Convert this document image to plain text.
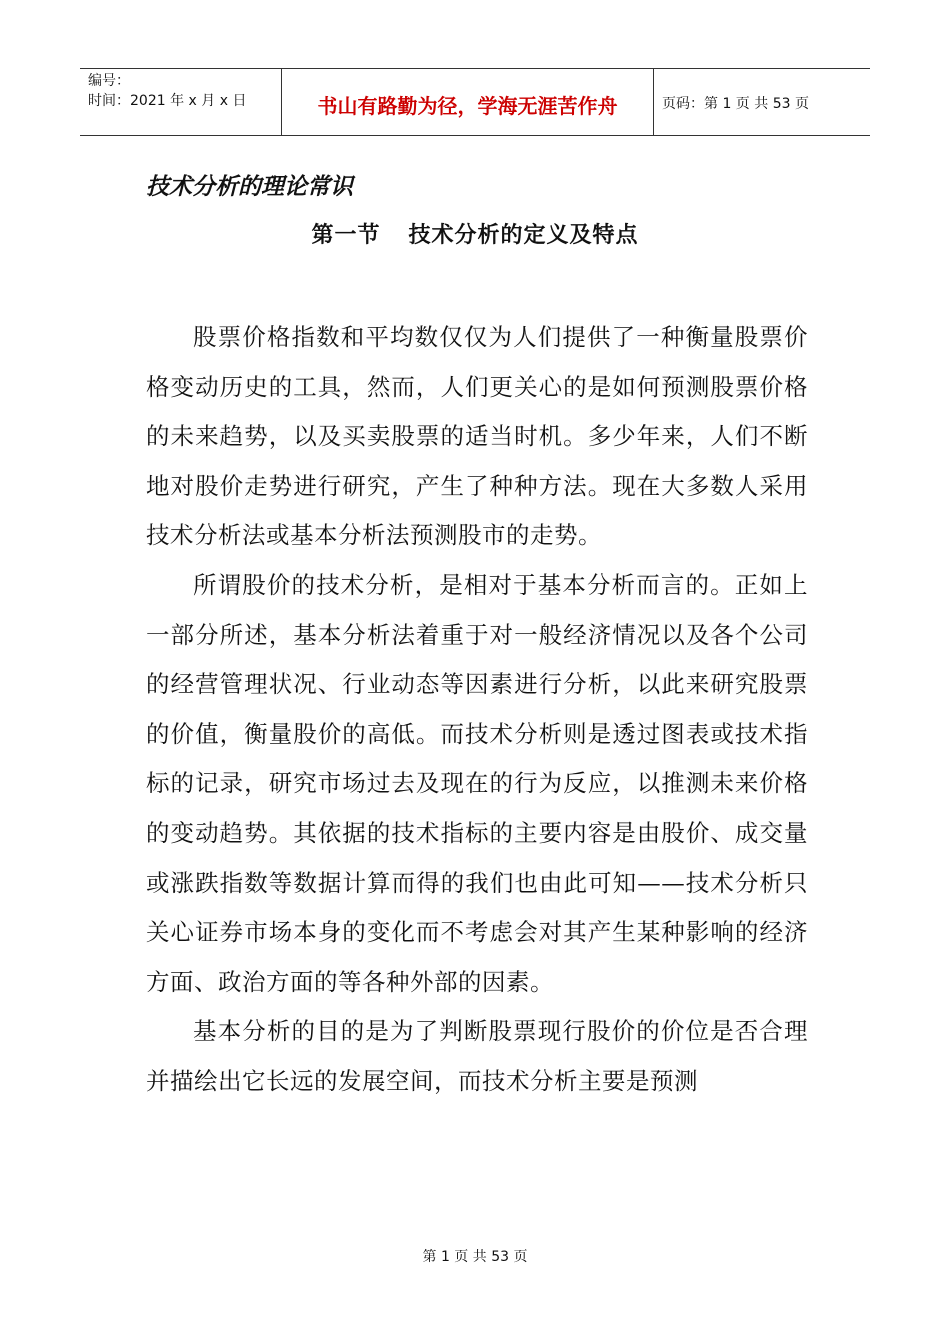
编号：
时间：2021 年 x 月 x 日	书山有路勤为径，学海无涯苦作舟	页码：第 1 页 共 53 页
技术分析的理论常识
第一节 技术分析的定义及特点

股票价格指数和平均数仅仅为人们提供了一种衡量股票价格变动历史的工具，然而，人们更关心的是如何预测股票价格的未来趋势，以及买卖股票的适当时机。多少年来，人们不断地对股价走势进行研究，产生了种种方法。现在大多数人采用技术分析法或基本分析法预测股市的走势。

所谓股价的技术分析，是相对于基本分析而言的。正如上一部分所述，基本分析法着重于对一般经济情况以及各个公司的经营管理状况、行业动态等因素进行分析，以此来研究股票的价值，衡量股价的高低。而技术分析则是透过图表或技术指标的记录，研究市场过去及现在的行为反应，以推测未来价格的变动趋势。其依据的技术指标的主要内容是由股价、成交量或涨跌指数等数据计算而得的我们也由此可知——技术分析只关心证券市场本身的变化而不考虑会对其产生某种影响的经济方面、政治方面的等各种外部的因素。

基本分析的目的是为了判断股票现行股价的价位是否合理并描绘出它长远的发展空间，而技术分析主要是预测

第 1 页 共 53 页
